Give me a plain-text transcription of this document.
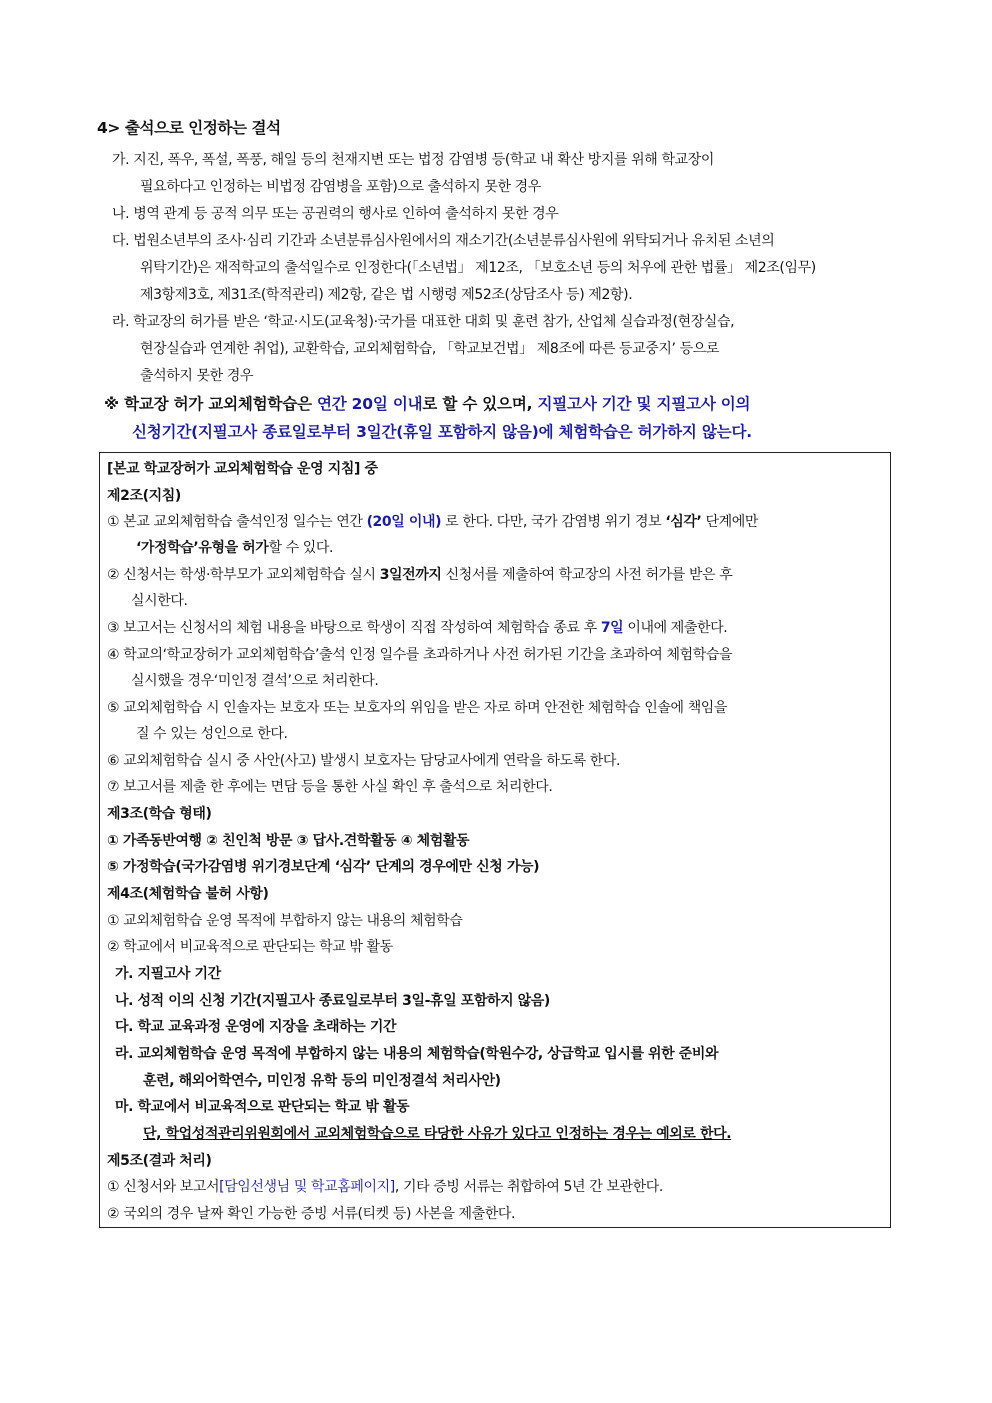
4> 출석으로 인정하는 결석
가. 지진, 폭우, 폭설, 폭풍, 해일 등의 천재지변 또는 법정 감염병 등(학교 내 확산 방지를 위해 학교장이
필요하다고 인정하는 비법정 감염병을 포함)으로 출석하지 못한 경우
나. 병역 관계 등 공적 의무 또는 공권력의 행사로 인하여 출석하지 못한 경우
다. 법원소년부의 조사·심리 기간과 소년분류심사원에서의 재소기간(소년분류심사원에 위탁되거나 유치된 소년의
위탁기간)은 재적학교의 출석일수로 인정한다(「소년법」 제12조, 「보호소년 등의 처우에 관한 법률」 제2조(임무)
제3항제3호, 제31조(학적관리) 제2항, 같은 법 시행령 제52조(상담조사 등) 제2항).
라. 학교장의 허가를 받은 ‘학교·시도(교육청)·국가를 대표한 대회 및 훈련 참가, 산업체 실습과정(현장실습,
현장실습과 연계한 취업), 교환학습, 교외체험학습, 「학교보건법」 제8조에 따른 등교중지’ 등으로
출석하지 못한 경우
※ 학교장 허가 교외체험학습은 연간 20일 이내로 할 수 있으며, 지필고사 기간 및 지필고사 이의
신청기간(지필고사 종료일로부터 3일간(휴일 포함하지 않음)에 체험학습은 허가하지 않는다.
[본교 학교장허가 교외체험학습 운영 지침] 중
제2조(지침)
① 본교 교외체험학습 출석인정 일수는 연간 (20일 이내) 로 한다. 다만, 국가 감염병 위기 경보 ‘심각’ 단계에만
‘가정학습’유형을 허가할 수 있다.
② 신청서는 학생·학부모가 교외체험학습 실시 3일전까지 신청서를 제출하여 학교장의 사전 허가를 받은 후
실시한다.
③ 보고서는 신청서의 체험 내용을 바탕으로 학생이 직접 작성하여 체험학습 종료 후 7일 이내에 제출한다.
④ 학교의‘학교장허가 교외체험학습’출석 인정 일수를 초과하거나 사전 허가된 기간을 초과하여 체험학습을
실시했을 경우‘미인정 결석’으로 처리한다.
⑤ 교외체험학습 시 인솔자는 보호자 또는 보호자의 위임을 받은 자로 하며 안전한 체험학습 인솔에 책임을
질 수 있는 성인으로 한다.
⑥ 교외체험학습 실시 중 사안(사고) 발생시 보호자는 담당교사에게 연락을 하도록 한다.
⑦ 보고서를 제출 한 후에는 면담 등을 통한 사실 확인 후 출석으로 처리한다.
제3조(학습 형태)
① 가족동반여행 ② 친인척 방문 ③ 답사.견학활동 ④ 체험활동
⑤ 가정학습(국가감염병 위기경보단계 ‘심각’ 단계의 경우에만 신청 가능)
제4조(체험학습 불허 사항)
① 교외체험학습 운영 목적에 부합하지 않는 내용의 체험학습
② 학교에서 비교육적으로 판단되는 학교 밖 활동
가. 지필고사 기간
나. 성적 이의 신청 기간(지필고사 종료일로부터 3일-휴일 포함하지 않음)
다. 학교 교육과정 운영에 지장을 초래하는 기간
라. 교외체험학습 운영 목적에 부합하지 않는 내용의 체험학습(학원수강, 상급학교 입시를 위한 준비와
훈련, 해외어학연수, 미인정 유학 등의 미인정결석 처리사안)
마. 학교에서 비교육적으로 판단되는 학교 밖 활동
단, 학업성적관리위원회에서 교외체험학습으로 타당한 사유가 있다고 인정하는 경우는 예외로 한다.
제5조(결과 처리)
① 신청서와 보고서[담임선생님 및 학교홈페이지], 기타 증빙 서류는 취합하여 5년 간 보관한다.
② 국외의 경우 날짜 확인 가능한 증빙 서류(티켓 등) 사본을 제출한다.
